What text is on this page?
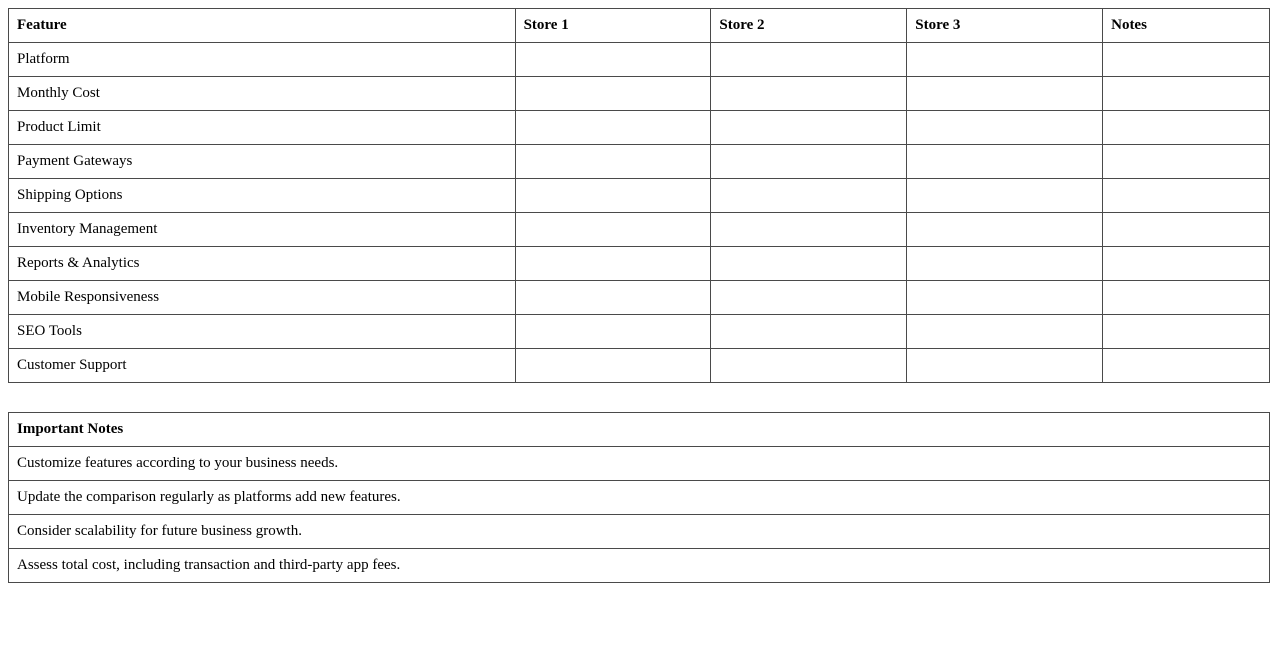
Feature	Store 1	Store 2	Store 3	Notes
Platform				
Monthly Cost				
Product Limit				
Payment Gateways				
Shipping Options				
Inventory Management				
Reports & Analytics				
Mobile Responsiveness				
SEO Tools				
Customer Support				
Important Notes
Customize features according to your business needs.
Update the comparison regularly as platforms add new features.
Consider scalability for future business growth.
Assess total cost, including transaction and third-party app fees.
